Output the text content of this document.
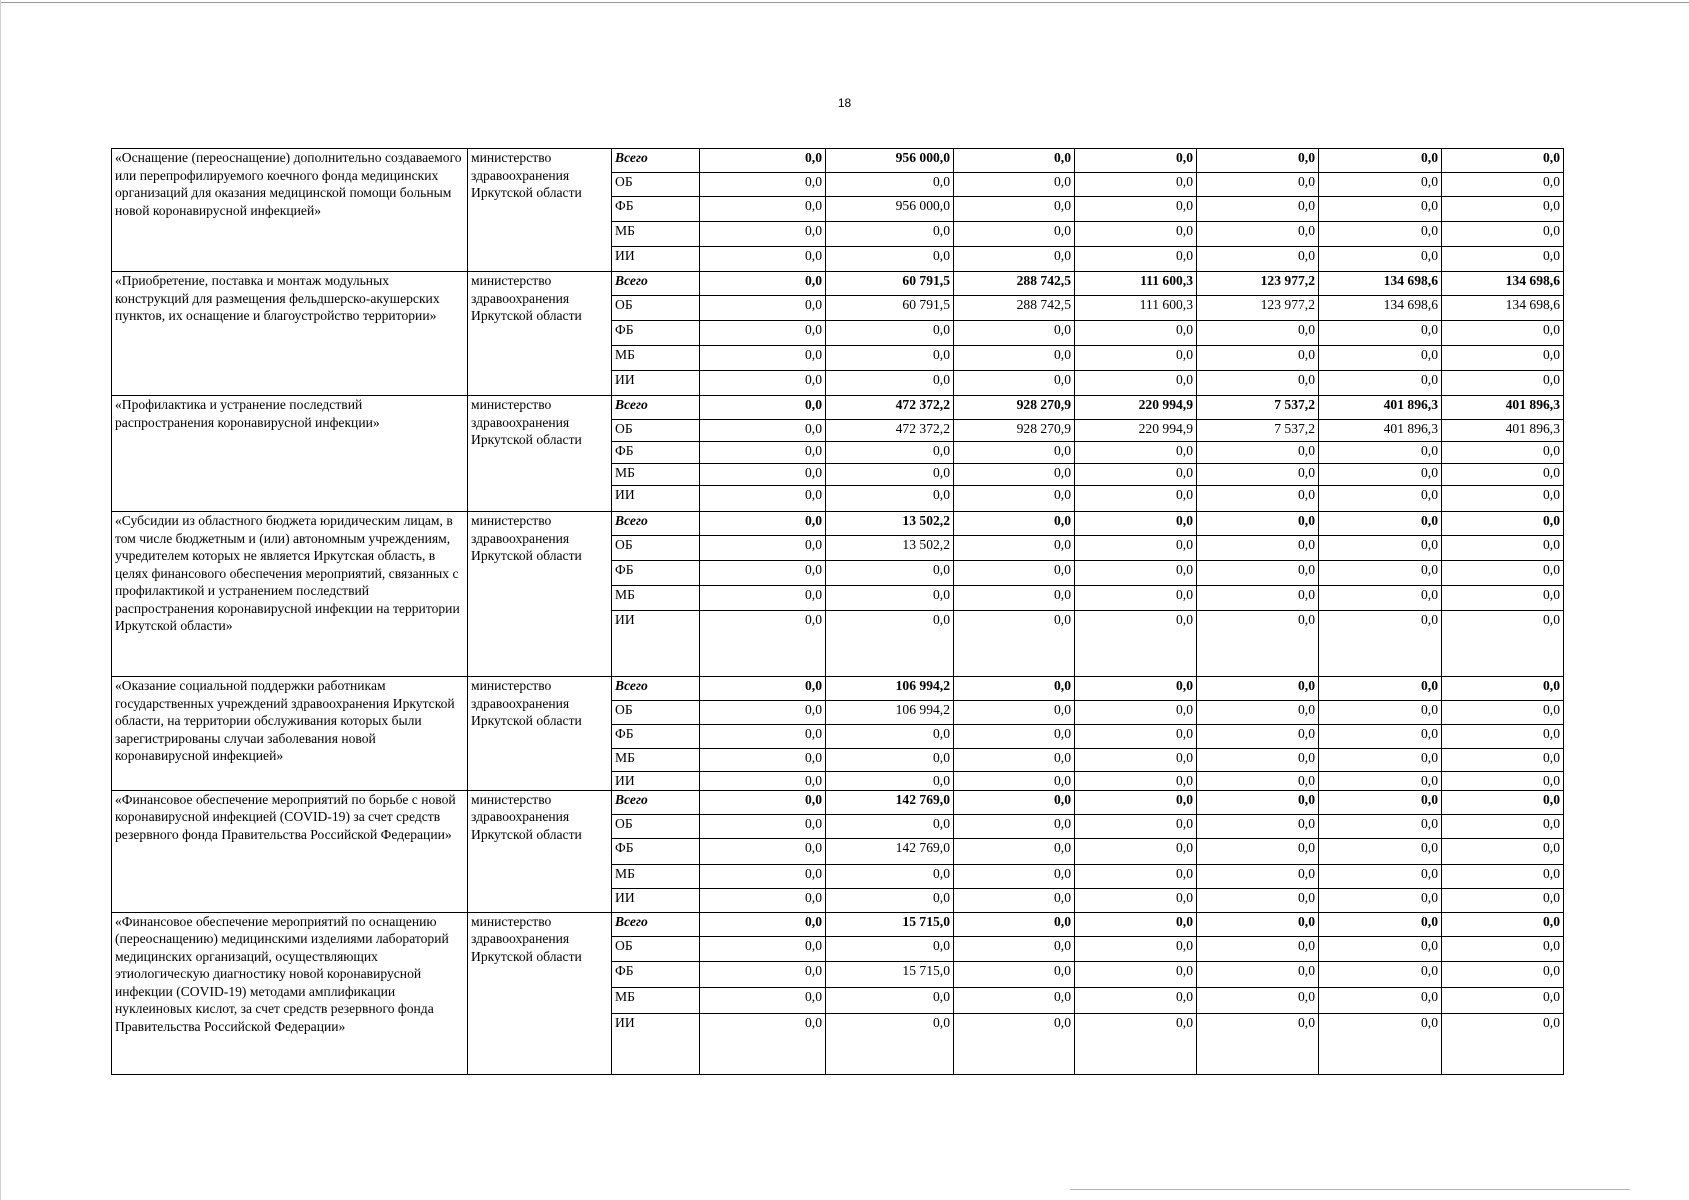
18
«Оснащение (переоснащение) дополнительно создаваемого или перепрофилируемого коечного фонда медицинских организаций для оказания медицинской помощи больным новой коронавирусной инфекцией»	министерство здравоохранения Иркутской области	Всего	0,0	956 000,0	0,0	0,0	0,0	0,0	0,0
		ОБ	0,0	0,0	0,0	0,0	0,0	0,0	0,0
		ФБ	0,0	956 000,0	0,0	0,0	0,0	0,0	0,0
		МБ	0,0	0,0	0,0	0,0	0,0	0,0	0,0
		ИИ	0,0	0,0	0,0	0,0	0,0	0,0	0,0
«Приобретение, поставка и монтаж модульных конструкций для размещения фельдшерско-акушерских пунктов, их оснащение и благоустройство территории»	министерство здравоохранения Иркутской области	Всего	0,0	60 791,5	288 742,5	111 600,3	123 977,2	134 698,6	134 698,6
		ОБ	0,0	60 791,5	288 742,5	111 600,3	123 977,2	134 698,6	134 698,6
		ФБ	0,0	0,0	0,0	0,0	0,0	0,0	0,0
		МБ	0,0	0,0	0,0	0,0	0,0	0,0	0,0
		ИИ	0,0	0,0	0,0	0,0	0,0	0,0	0,0
«Профилактика и устранение последствий распространения коронавирусной инфекции»	министерство здравоохранения Иркутской области	Всего	0,0	472 372,2	928 270,9	220 994,9	7 537,2	401 896,3	401 896,3
		ОБ	0,0	472 372,2	928 270,9	220 994,9	7 537,2	401 896,3	401 896,3
		ФБ	0,0	0,0	0,0	0,0	0,0	0,0	0,0
		МБ	0,0	0,0	0,0	0,0	0,0	0,0	0,0
		ИИ	0,0	0,0	0,0	0,0	0,0	0,0	0,0
«Субсидии из областного бюджета юридическим лицам, в том числе бюджетным и (или) автономным учреждениям, учредителем которых не является Иркутская область, в целях финансового обеспечения мероприятий, связанных с профилактикой и устранением последствий распространения коронавирусной инфекции на территории Иркутской области»	министерство здравоохранения Иркутской области	Всего	0,0	13 502,2	0,0	0,0	0,0	0,0	0,0
		ОБ	0,0	13 502,2	0,0	0,0	0,0	0,0	0,0
		ФБ	0,0	0,0	0,0	0,0	0,0	0,0	0,0
		МБ	0,0	0,0	0,0	0,0	0,0	0,0	0,0
		ИИ	0,0	0,0	0,0	0,0	0,0	0,0	0,0
«Оказание социальной поддержки работникам государственных учреждений здравоохранения Иркутской области, на территории обслуживания которых были зарегистрированы случаи заболевания новой коронавирусной инфекцией»	министерство здравоохранения Иркутской области	Всего	0,0	106 994,2	0,0	0,0	0,0	0,0	0,0
		ОБ	0,0	106 994,2	0,0	0,0	0,0	0,0	0,0
		ФБ	0,0	0,0	0,0	0,0	0,0	0,0	0,0
		МБ	0,0	0,0	0,0	0,0	0,0	0,0	0,0
		ИИ	0,0	0,0	0,0	0,0	0,0	0,0	0,0
«Финансовое обеспечение мероприятий по борьбе с новой коронавирусной инфекцией (COVID-19) за счет средств резервного фонда Правительства Российской Федерации»	министерство здравоохранения Иркутской области	Всего	0,0	142 769,0	0,0	0,0	0,0	0,0	0,0
		ОБ	0,0	0,0	0,0	0,0	0,0	0,0	0,0
		ФБ	0,0	142 769,0	0,0	0,0	0,0	0,0	0,0
		МБ	0,0	0,0	0,0	0,0	0,0	0,0	0,0
		ИИ	0,0	0,0	0,0	0,0	0,0	0,0	0,0
«Финансовое обеспечение мероприятий по оснащению (переоснащению) медицинскими изделиями лабораторий медицинских организаций, осуществляющих этиологическую диагностику новой коронавирусной инфекции (COVID-19) методами амплификации нуклеиновых кислот, за счет средств резервного фонда Правительства Российской Федерации»	министерство здравоохранения Иркутской области	Всего	0,0	15 715,0	0,0	0,0	0,0	0,0	0,0
		ОБ	0,0	0,0	0,0	0,0	0,0	0,0	0,0
		ФБ	0,0	15 715,0	0,0	0,0	0,0	0,0	0,0
		МБ	0,0	0,0	0,0	0,0	0,0	0,0	0,0
		ИИ	0,0	0,0	0,0	0,0	0,0	0,0	0,0
